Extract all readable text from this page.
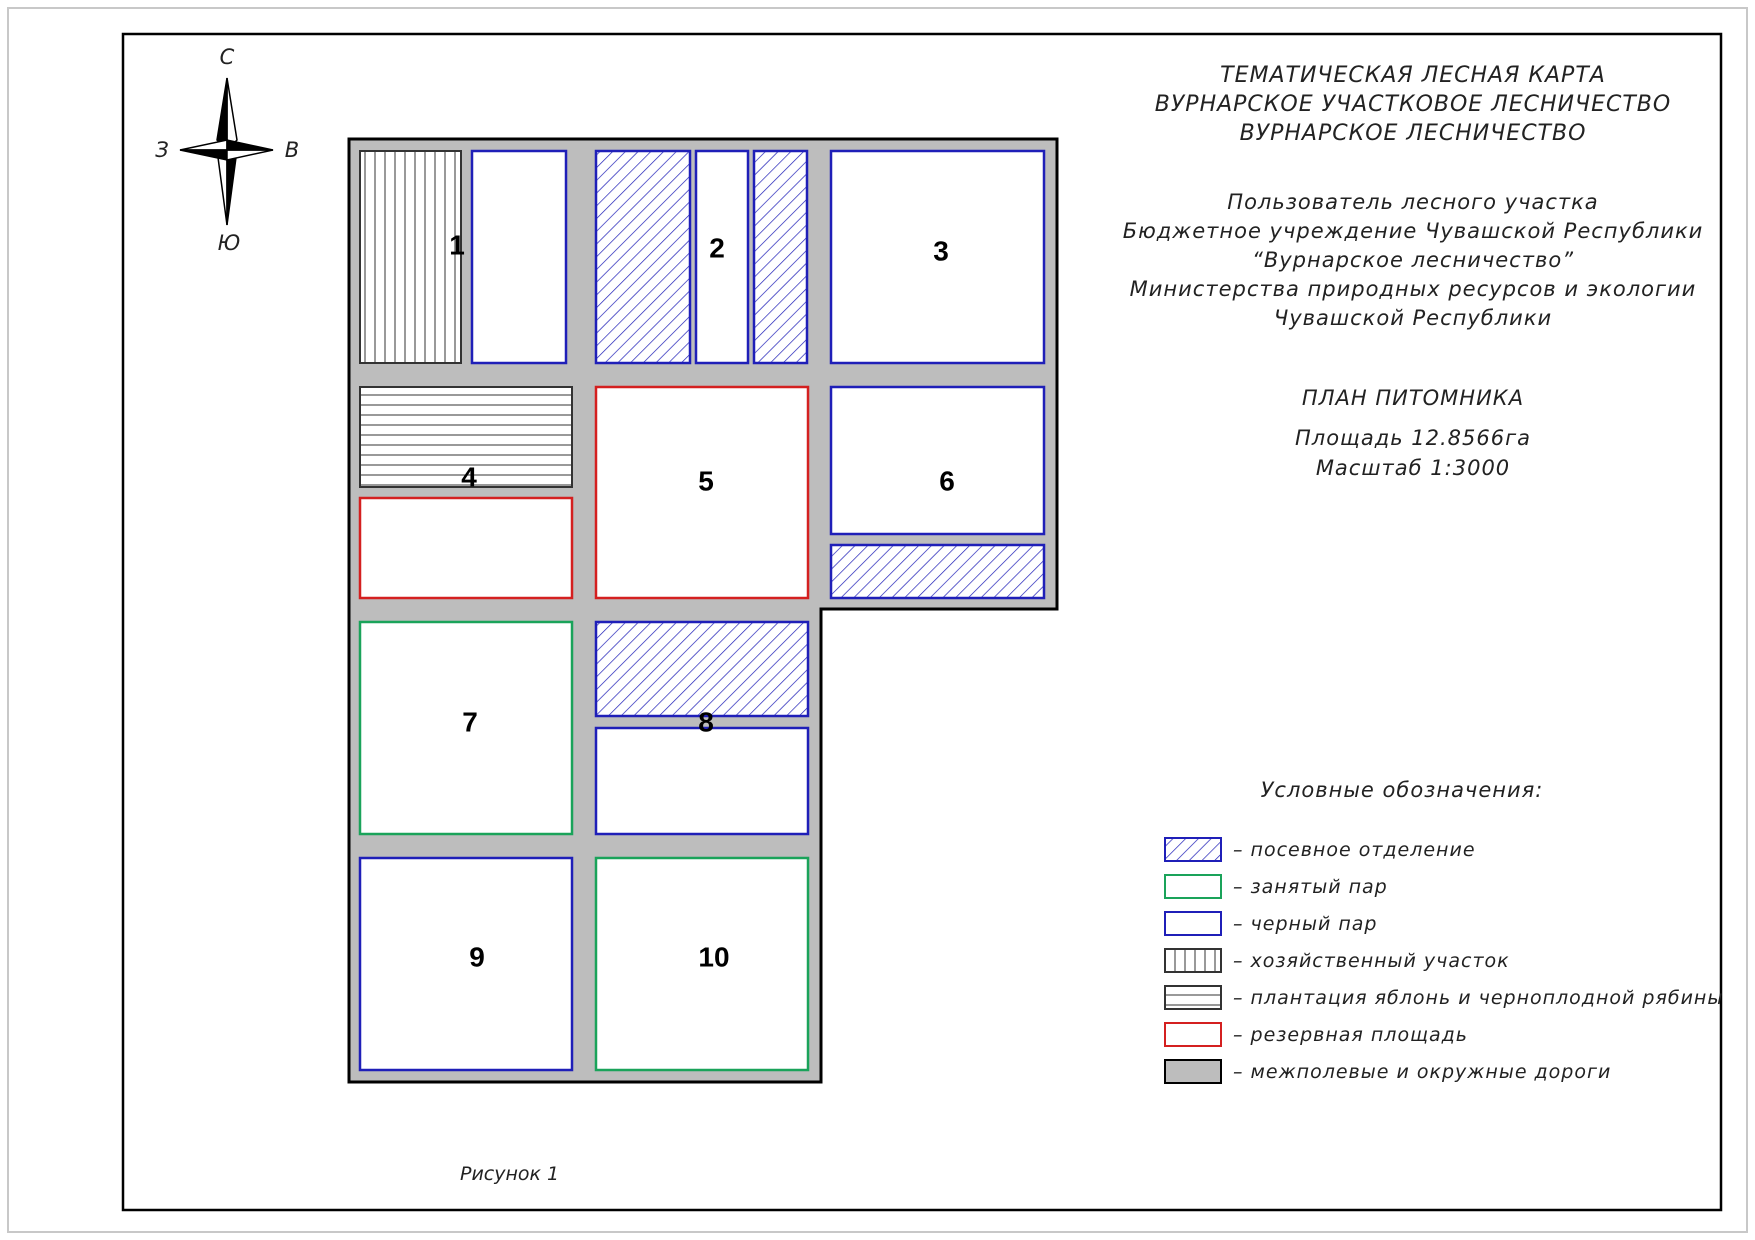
С
Ю
З	В
1	2	3
4	5	6
7	8
9	10
ТЕМАТИЧЕСКАЯ ЛЕСНАЯ КАРТА
ВУРНАРСКОЕ УЧАСТКОВОЕ ЛЕСНИЧЕСТВО
ВУРНАРСКОЕ ЛЕСНИЧЕСТВО
Пользователь лесного участка
Бюджетное учреждение Чувашской Республики
“Вурнарское лесничество”
Министерства природных ресурсов и экологии
Чувашской Республики
ПЛАН ПИТОМНИКА
Площадь 12.8566га
Масштаб 1:3000
Условные обозначения:
– посевное отделение
– занятый пар
– черный пар
– хозяйственный участок
– плантация яблонь и черноплодной рябины
– резервная площадь
– межполевые и окружные дороги
Рисунок 1
